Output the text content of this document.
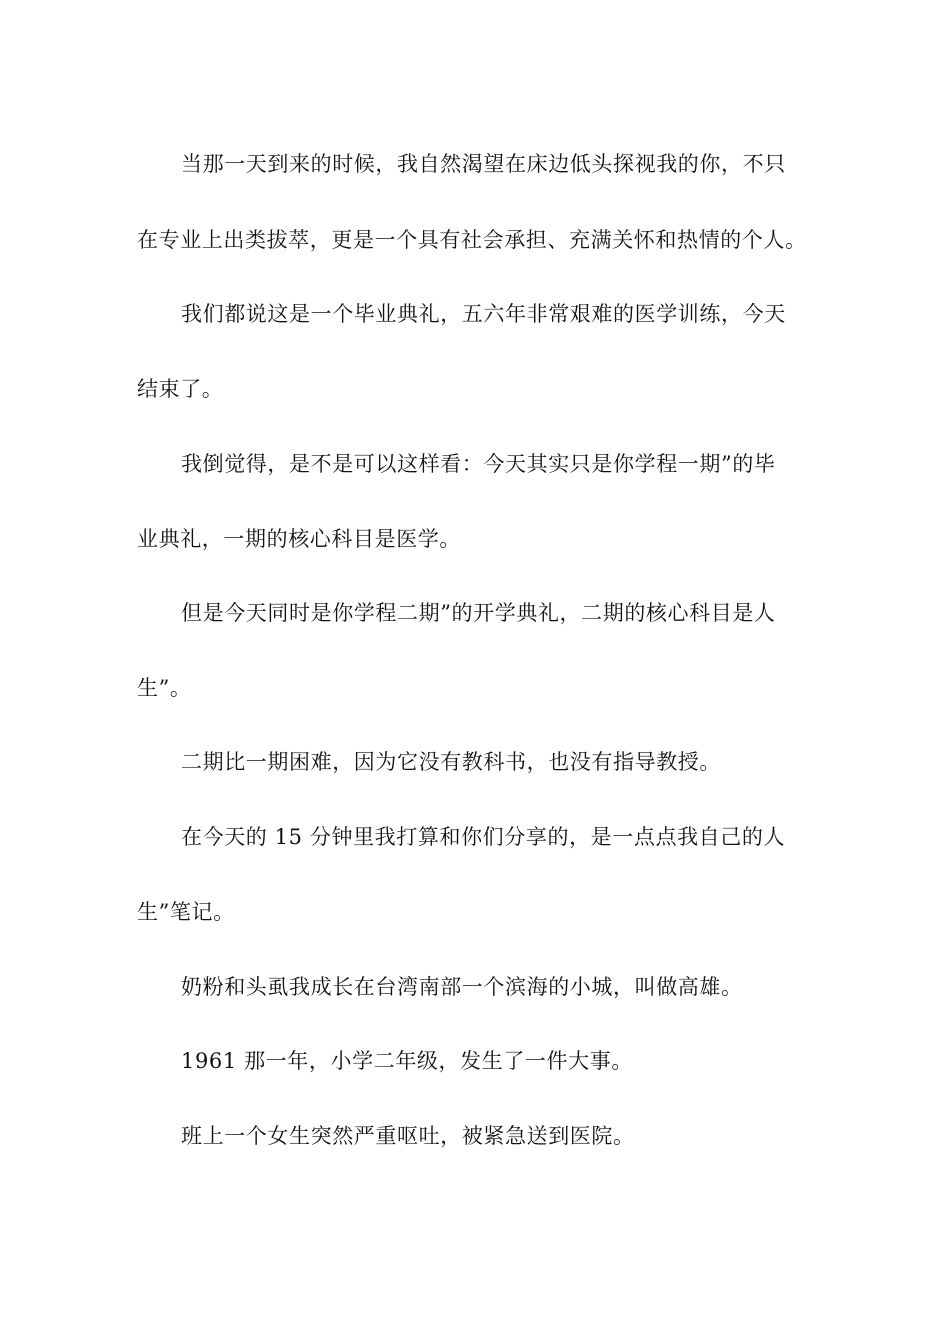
当那一天到来的时候，我自然渴望在床边低头探视我的你，不只
在专业上出类拔萃，更是一个具有社会承担、充满关怀和热情的个人。
我们都说这是一个毕业典礼，五六年非常艰难的医学训练，今天
结束了。
我倒觉得，是不是可以这样看：今天其实只是你学程一期”的毕
业典礼，一期的核心科目是医学。
但是今天同时是你学程二期”的开学典礼，二期的核心科目是人
生”。
二期比一期困难，因为它没有教科书，也没有指导教授。
在今天的 15 分钟里我打算和你们分享的，是一点点我自己的人
生”笔记。
奶粉和头虱我成长在台湾南部一个滨海的小城，叫做高雄。
1961 那一年，小学二年级，发生了一件大事。
班上一个女生突然严重呕吐，被紧急送到医院。
